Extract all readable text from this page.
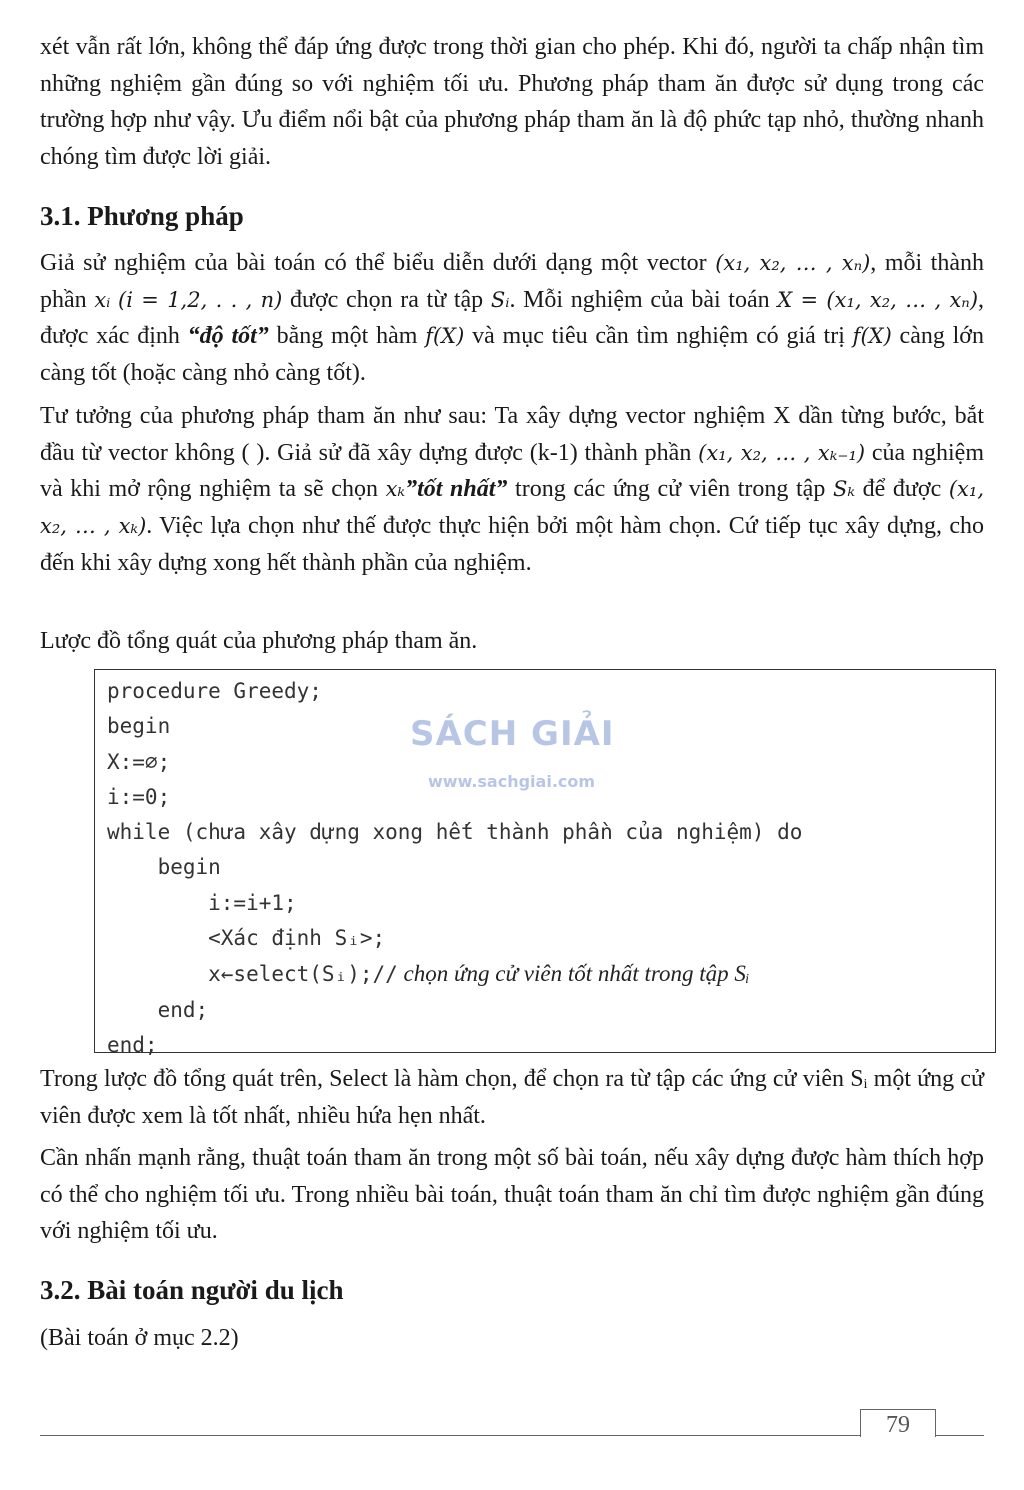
xét vẫn rất lớn, không thể đáp ứng được trong thời gian cho phép. Khi đó, người ta chấp nhận tìm những nghiệm gần đúng so với nghiệm tối ưu. Phương pháp tham ăn được sử dụng trong các trường hợp như vậy. Ưu điểm nổi bật của phương pháp tham ăn là độ phức tạp nhỏ, thường nhanh chóng tìm được lời giải.

3.1. Phương pháp

Giả sử nghiệm của bài toán có thể biểu diễn dưới dạng một vector (x₁, x₂, … , xₙ), mỗi thành phần xᵢ (i = 1,2, . . , n) được chọn ra từ tập Sᵢ. Mỗi nghiệm của bài toán X = (x₁, x₂, … , xₙ), được xác định “độ tốt” bằng một hàm f(X) và mục tiêu cần tìm nghiệm có giá trị f(X) càng lớn càng tốt (hoặc càng nhỏ càng tốt).

Tư tưởng của phương pháp tham ăn như sau: Ta xây dựng vector nghiệm X dần từng bước, bắt đầu từ vector không ( ). Giả sử đã xây dựng được (k-1) thành phần (x₁, x₂, … , xₖ₋₁) của nghiệm và khi mở rộng nghiệm ta sẽ chọn xₖ”tốt nhất” trong các ứng cử viên trong tập Sₖ để được (x₁, x₂, … , xₖ). Việc lựa chọn như thế được thực hiện bởi một hàm chọn. Cứ tiếp tục xây dựng, cho đến khi xây dựng xong hết thành phần của nghiệm.

Lược đồ tổng quát của phương pháp tham ăn.

procedure Greedy;
begin
X:=∅;
i:=0;
while (chưa xây dựng xong hết thành phần của nghiệm) do
begin
i:=i+1;
<Xác định Sᵢ>;
x←select(Sᵢ);// chọn ứng cử viên tốt nhất trong tập Sᵢ
end;
end;
SÁCH GIẢI
www.sachgiai.com

Trong lược đồ tổng quát trên, Select là hàm chọn, để chọn ra từ tập các ứng cử viên Sᵢ một ứng cử viên được xem là tốt nhất, nhiều hứa hẹn nhất.

Cần nhấn mạnh rằng, thuật toán tham ăn trong một số bài toán, nếu xây dựng được hàm thích hợp có thể cho nghiệm tối ưu. Trong nhiều bài toán, thuật toán tham ăn chỉ tìm được nghiệm gần đúng với nghiệm tối ưu.

3.2. Bài toán người du lịch

(Bài toán ở mục 2.2)

79
